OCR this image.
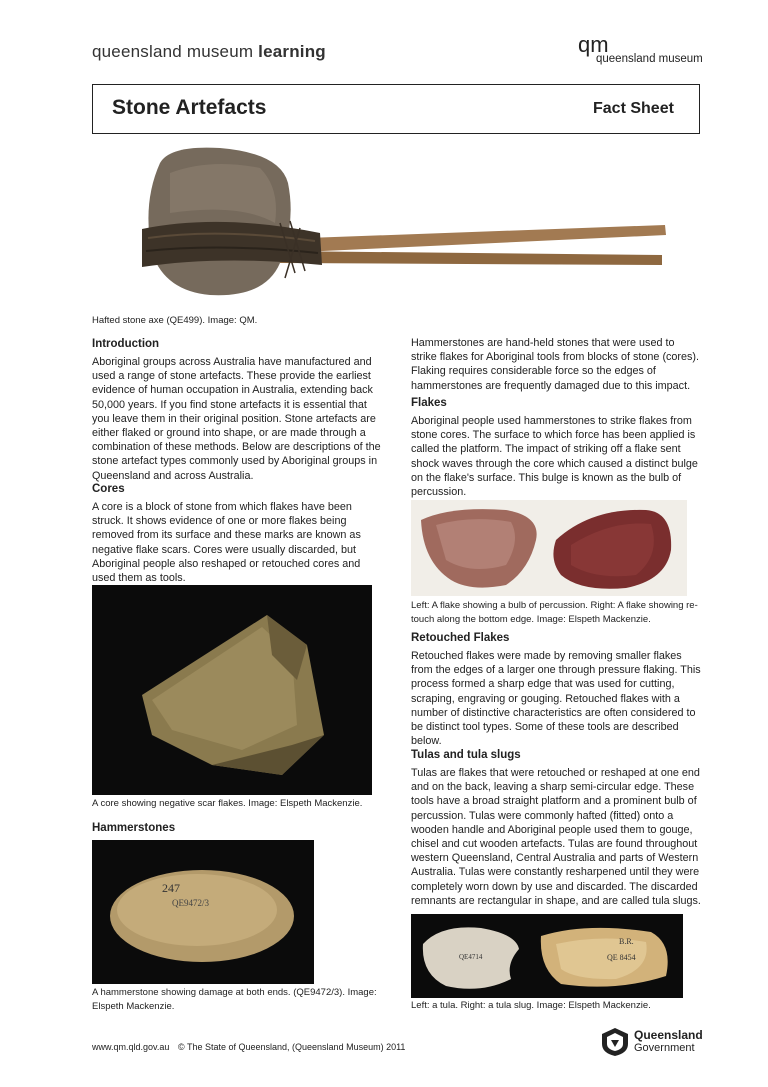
queensland museum learning	qm
queensland museum
Stone Artefacts	Fact Sheet
Hafted stone axe (QE499). Image: QM.
Introduction
Aboriginal groups across Australia have manufactured and used a range of stone artefacts. These provide the earliest evidence of human occupation in Australia, extending back 50,000 years. If you find stone artefacts it is essential that you leave them in their original position. Stone artefacts are either flaked or ground into shape, or are made through a combination of these methods. Below are descriptions of the stone artefact types commonly used by Aboriginal groups in Queensland and across Australia.
Cores
A core is a block of stone from which flakes have been struck. It shows evidence of one or more flakes being removed from its surface and these marks are known as negative flake scars. Cores were usually discarded, but Aboriginal people also reshaped or retouched cores and used them as tools.
A core showing negative scar flakes. Image: Elspeth Mackenzie.
Hammerstones
247
QE9472/3
A hammerstone showing damage at both ends. (QE9472/3). Image: Elspeth Mackenzie.
Hammerstones are hand-held stones that were used to strike flakes for Aboriginal tools from blocks of stone (cores). Flaking requires considerable force so the edges of hammerstones are frequently damaged due to this impact.
Flakes
Aboriginal people used hammerstones to strike flakes from stone cores. The surface to which force has been applied is called the platform. The impact of striking off a flake sent shock waves through the core which caused a distinct bulge on the flake's surface. This bulge is known as the bulb of percussion.
Left: A flake showing a bulb of percussion. Right: A flake showing re-touch along the bottom edge. Image: Elspeth Mackenzie.
Retouched Flakes
Retouched flakes were made by removing smaller flakes from the edges of a larger one through pressure flaking. This process formed a sharp edge that was used for cutting, scraping, engraving or gouging. Retouched flakes with a number of distinctive characteristics are often considered to be distinct tool types. Some of these tools are described below.
Tulas and tula slugs
Tulas are flakes that were retouched or reshaped at one end and on the back, leaving a sharp semi-circular edge. These tools have a broad straight platform and a prominent bulb of percussion. Tulas were commonly hafted (fitted) onto a wooden handle and Aboriginal people used them to gouge, chisel and cut wooden artefacts. Tulas are found throughout western Queensland, Central Australia and parts of Western Australia. Tulas were constantly resharpened until they were completely worn down by use and discarded. The discarded remnants are rectangular in shape, and are called tula slugs.
QE4714
B.R.
QE 8454
Left: a tula. Right: a tula slug. Image: Elspeth Mackenzie.
www.qm.qld.gov.au © The State of Queensland, (Queensland Museum) 2011
Queensland
Government
